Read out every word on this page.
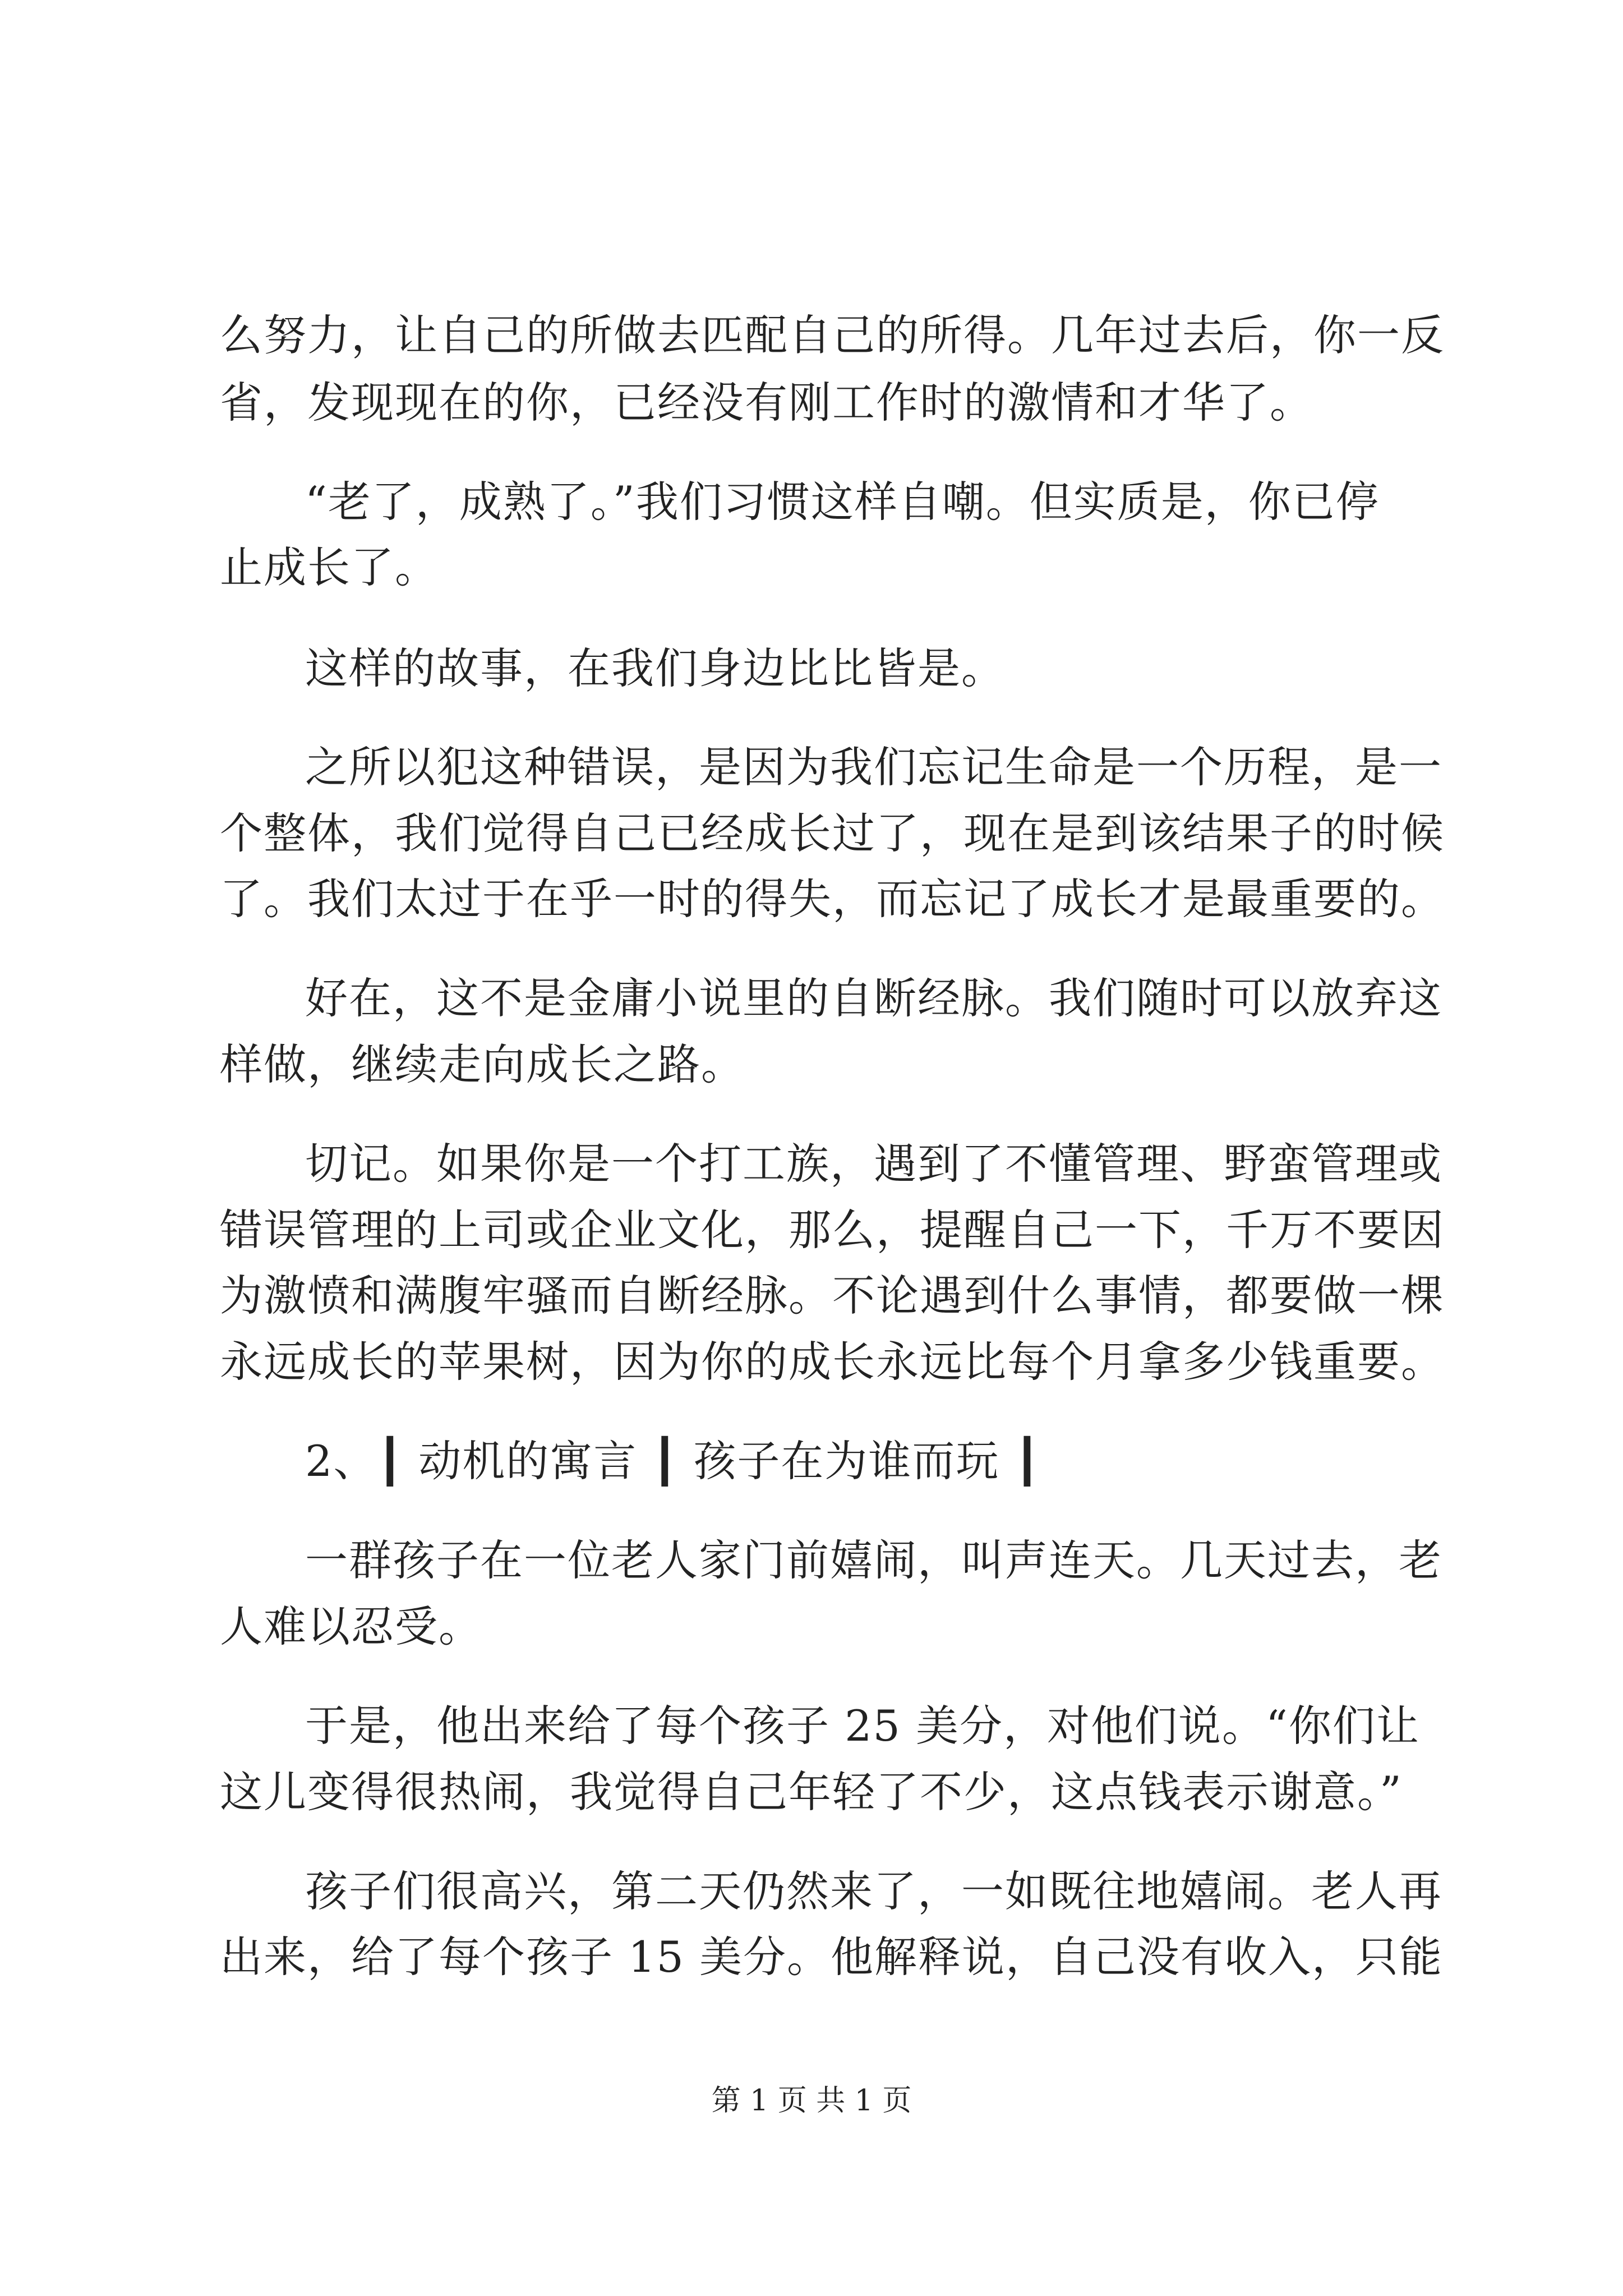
么努力，让自己的所做去匹配自己的所得。几年过去后，你一反
省，发现现在的你，已经没有刚工作时的激情和才华了。
“老了，成熟了。”我们习惯这样自嘲。但实质是，你已停
止成长了。
这样的故事，在我们身边比比皆是。
之所以犯这种错误，是因为我们忘记生命是一个历程，是一
个整体，我们觉得自己已经成长过了，现在是到该结果子的时候
了。我们太过于在乎一时的得失，而忘记了成长才是最重要的。
好在，这不是金庸小说里的自断经脉。我们随时可以放弃这
样做，继续走向成长之路。
切记。如果你是一个打工族，遇到了不懂管理、野蛮管理或
错误管理的上司或企业文化，那么，提醒自己一下，千万不要因
为激愤和满腹牢骚而自断经脉。不论遇到什么事情，都要做一棵
永远成长的苹果树，因为你的成长永远比每个月拿多少钱重要。
2、┃ 动机的寓言 ┃ 孩子在为谁而玩 ┃
一群孩子在一位老人家门前嬉闹，叫声连天。几天过去，老
人难以忍受。
于是，他出来给了每个孩子 25 美分，对他们说。“你们让
这儿变得很热闹，我觉得自己年轻了不少，这点钱表示谢意。”
孩子们很高兴，第二天仍然来了，一如既往地嬉闹。老人再
出来，给了每个孩子 15 美分。他解释说，自己没有收入，只能
第 1 页 共 1 页
